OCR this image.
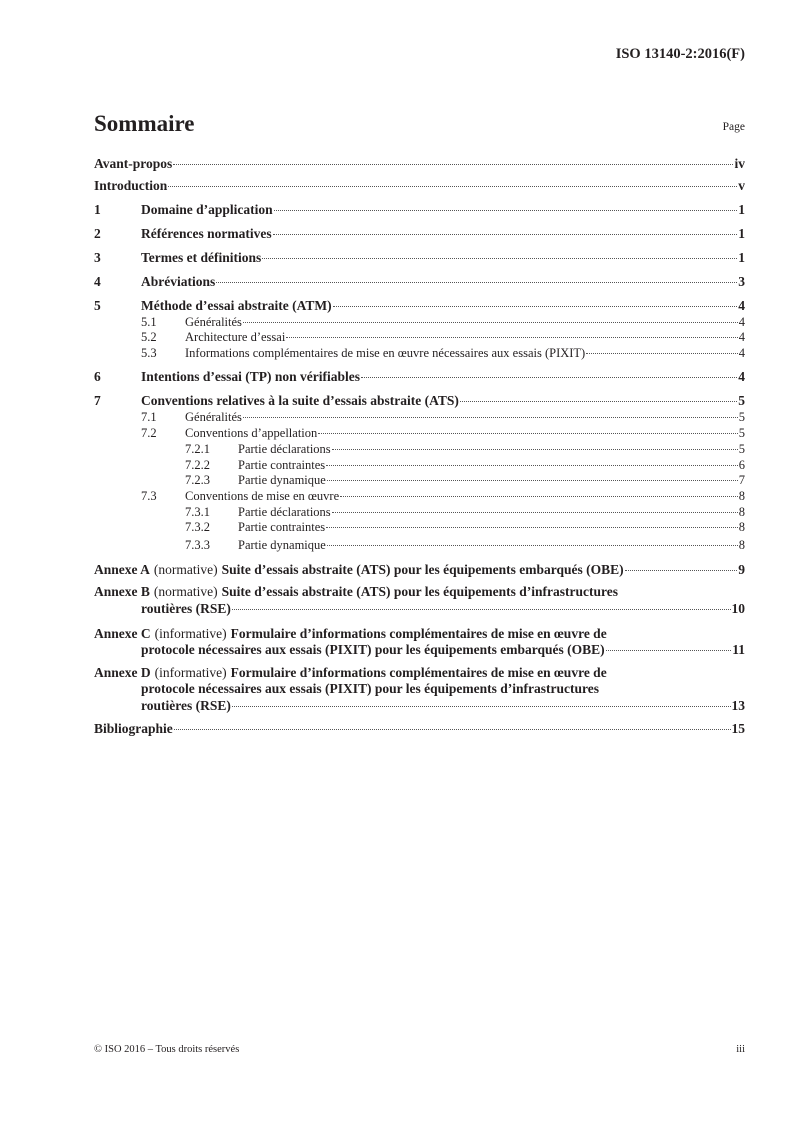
ISO 13140-2:2016(F)
Sommaire	Page
Avant-propos	iv
Introduction	v
1	Domaine d’application	1
2	Références normatives	1
3	Termes et définitions	1
4	Abréviations	3
5	Méthode d’essai abstraite (ATM)	4
5.1 Généralités	4
5.2 Architecture d’essai	4
5.3 Informations complémentaires de mise en œuvre nécessaires aux essais (PIXIT)	4
6	Intentions d’essai (TP) non vérifiables	4
7	Conventions relatives à la suite d’essais abstraite (ATS)	5
7.1 Généralités	5
7.2 Conventions d’appellation	5
7.2.1 Partie déclarations	5
7.2.2 Partie contraintes	6
7.2.3 Partie dynamique	7
7.3 Conventions de mise en œuvre	8
7.3.1 Partie déclarations	8
7.3.2 Partie contraintes	8
7.3.3 Partie dynamique	8
Annexe A (normative) Suite d’essais abstraite (ATS) pour les équipements embarqués (OBE)	9
Annexe B (normative) Suite d’essais abstraite (ATS) pour les équipements d’infrastructures
routières (RSE)	10
Annexe C (informative) Formulaire d’informations complémentaires de mise en œuvre de
protocole nécessaires aux essais (PIXIT) pour les équipements embarqués (OBE)	11
Annexe D (informative) Formulaire d’informations complémentaires de mise en œuvre de
protocole nécessaires aux essais (PIXIT) pour les équipements d’infrastructures
routières (RSE)	13
Bibliographie	15
© ISO 2016 – Tous droits réservés	iii
